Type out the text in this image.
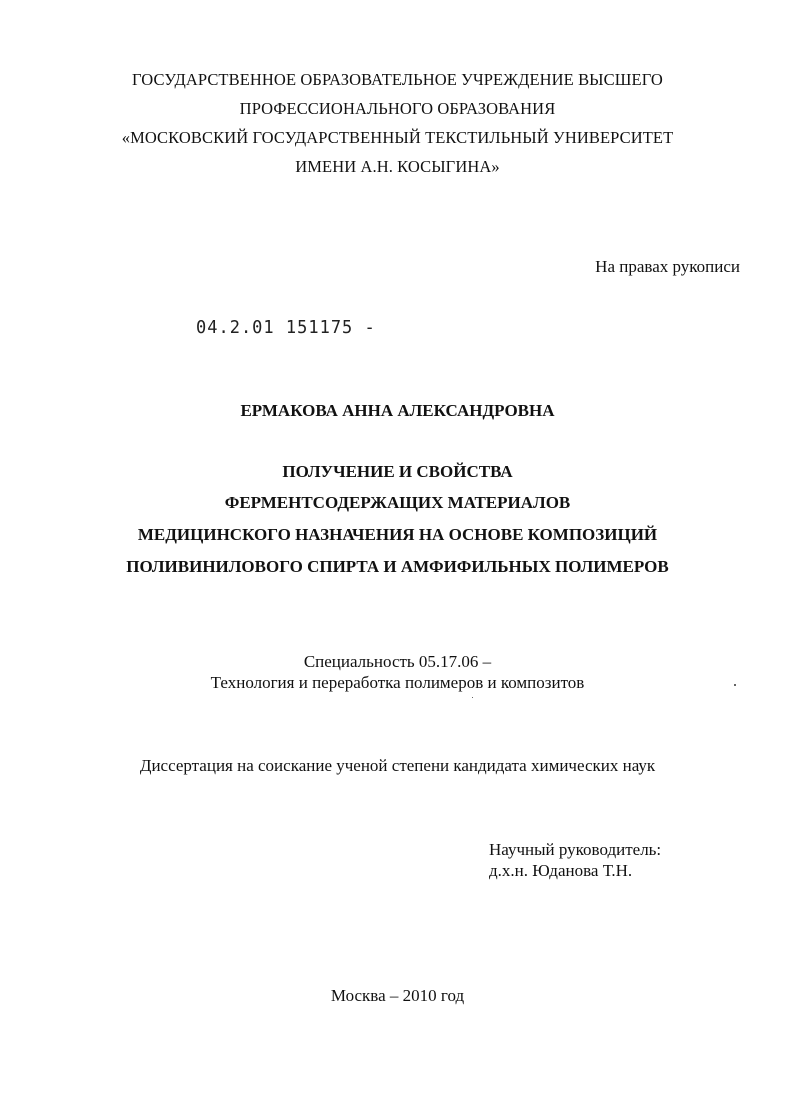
ГОСУДАРСТВЕННОЕ ОБРАЗОВАТЕЛЬНОЕ УЧРЕЖДЕНИЕ ВЫСШЕГО
ПРОФЕССИОНАЛЬНОГО ОБРАЗОВАНИЯ
«МОСКОВСКИЙ ГОСУДАРСТВЕННЫЙ ТЕКСТИЛЬНЫЙ УНИВЕРСИТЕТ
ИМЕНИ А.Н. КОСЫГИНА»
На правах рукописи
04.2.01 151175 -
ЕРМАКОВА АННА АЛЕКСАНДРОВНА
ПОЛУЧЕНИЕ И СВОЙСТВА
ФЕРМЕНТСОДЕРЖАЩИХ МАТЕРИАЛОВ
МЕДИЦИНСКОГО НАЗНАЧЕНИЯ НА ОСНОВЕ КОМПОЗИЦИЙ
ПОЛИВИНИЛОВОГО СПИРТА И АМФИФИЛЬНЫХ ПОЛИМЕРОВ
Специальность 05.17.06 –
Технология и переработка полимеров и композитов
Диссертация на соискание ученой степени кандидата химических наук
Научный руководитель:
д.х.н. Юданова Т.Н.
Москва – 2010 год
